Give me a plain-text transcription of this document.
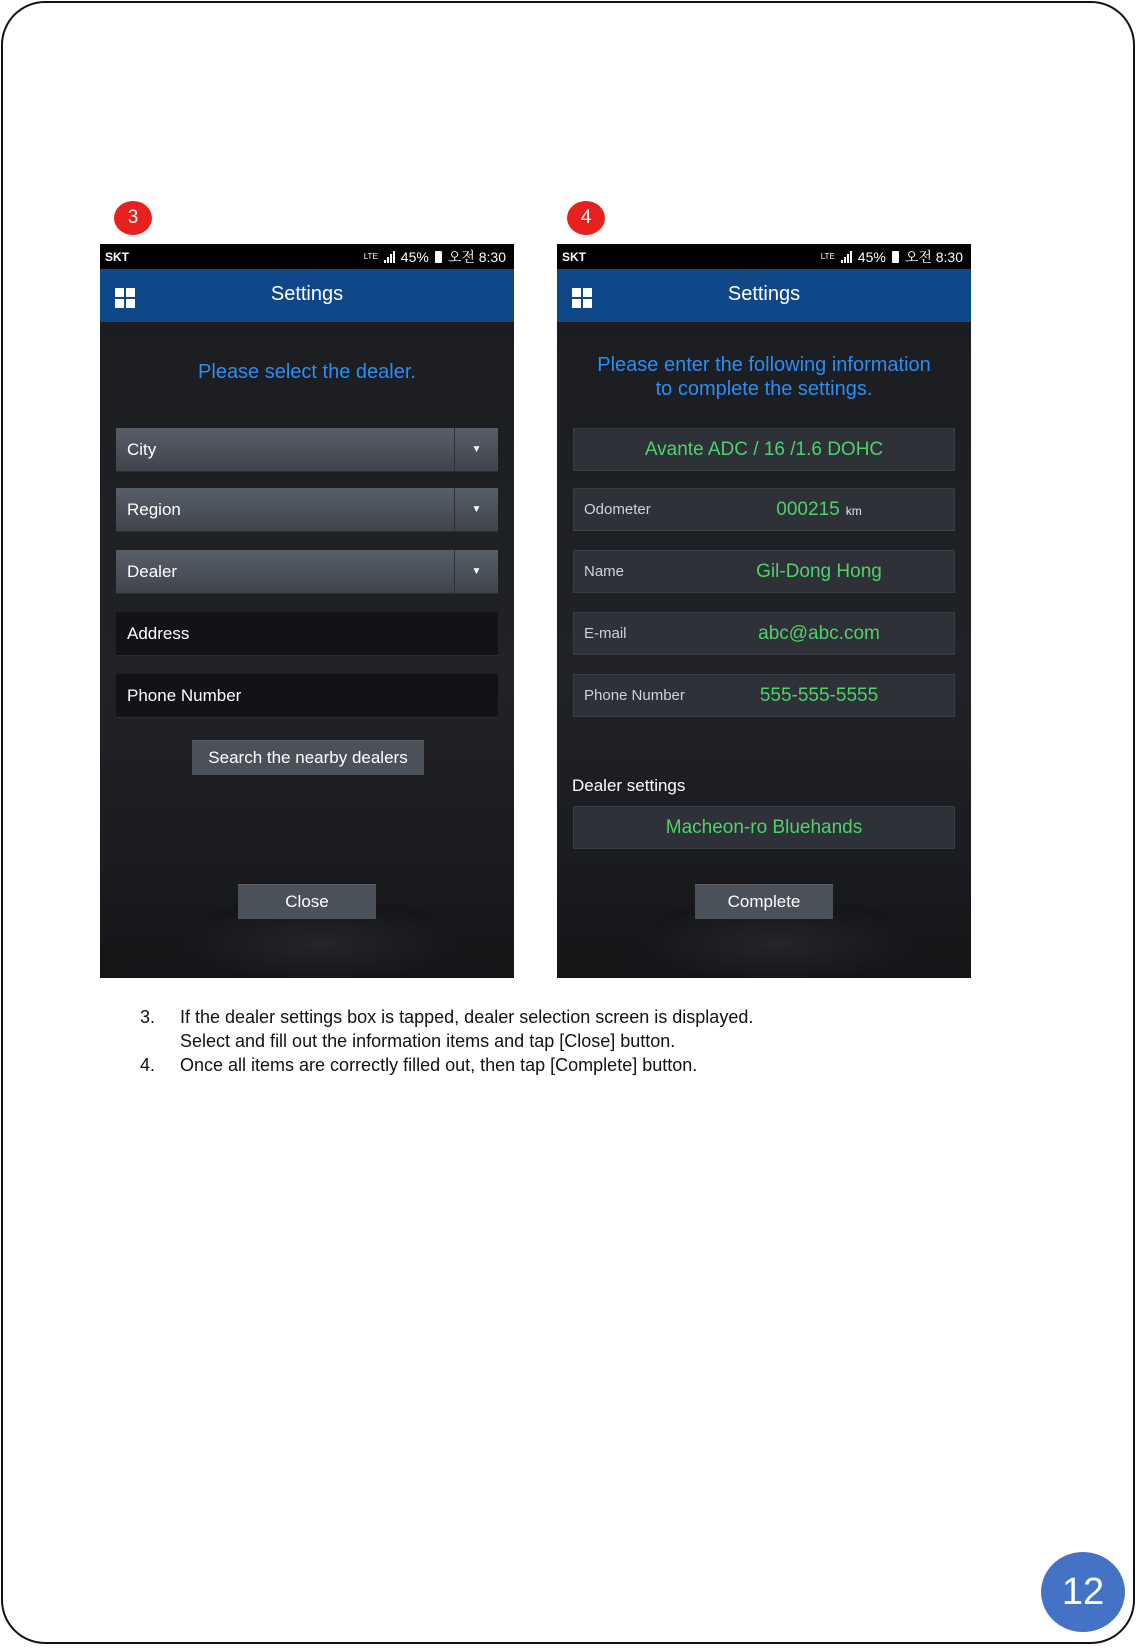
3	4
SKT	LTE 45% 오전 8:30
Settings
Please select the dealer.
City	▼
Region	▼
Dealer	▼
Address
Phone Number
Search the nearby dealers
Close
SKT	LTE 45% 오전 8:30
Settings
Please enter the following information
to complete the settings.
Avante ADC / 16 /1.6 DOHC
Odometer	000215 km
Name	Gil-Dong Hong
E-mail	abc@abc.com
Phone Number	555-555-5555
Dealer settings
Macheon-ro Bluehands
Complete
3.	If the dealer settings box is tapped, dealer selection screen is displayed.
Select and fill out the information items and tap [Close] button.
4.	Once all items are correctly filled out, then tap [Complete] button.
12
